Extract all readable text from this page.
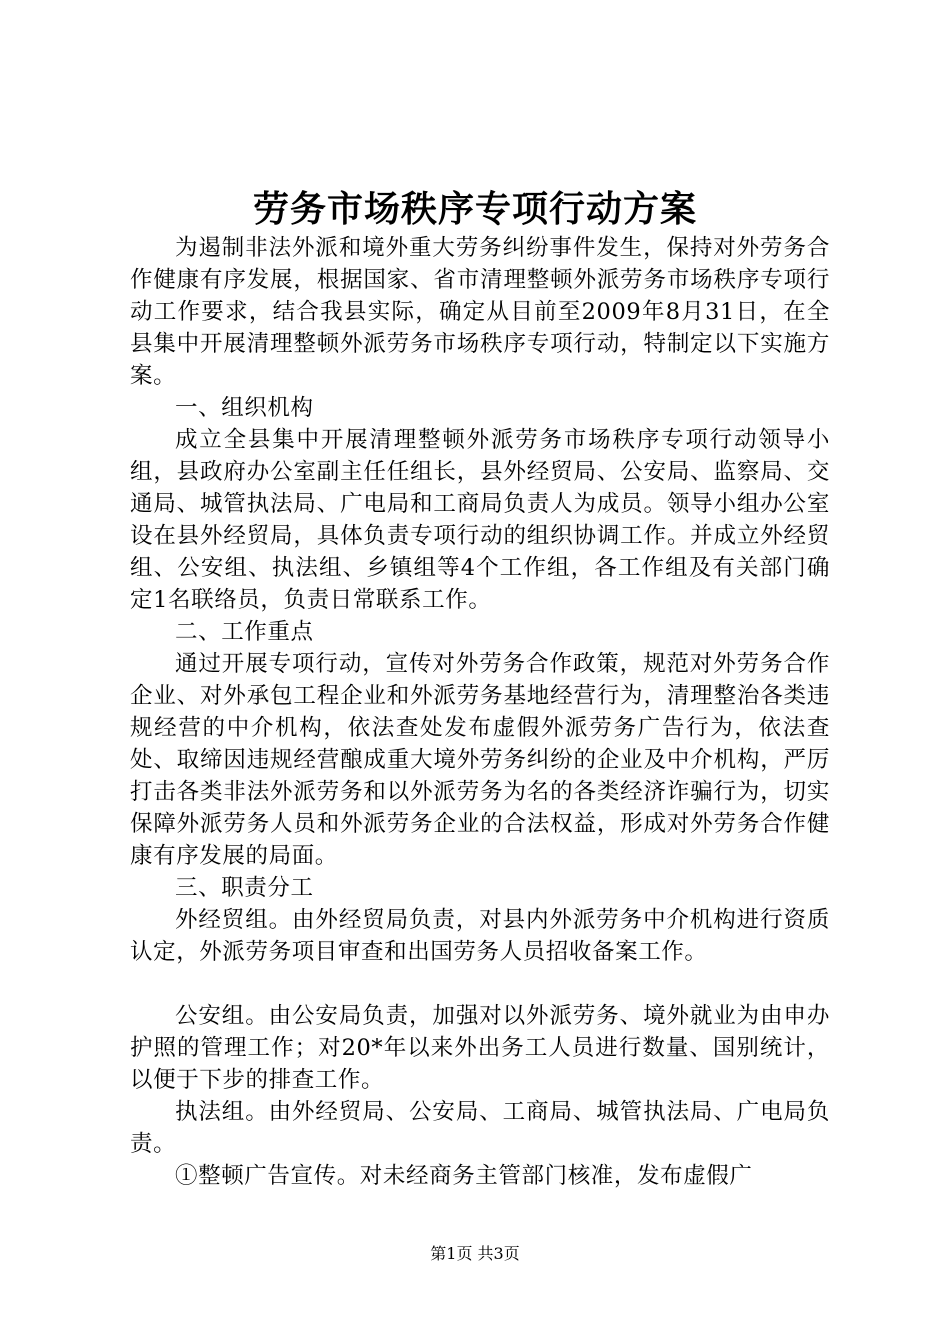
劳务市场秩序专项行动方案

为遏制非法外派和境外重大劳务纠纷事件发生，保持对外劳务合作健康有序发展，根据国家、省市清理整顿外派劳务市场秩序专项行动工作要求，结合我县实际，确定从目前至2009年8月31日，在全县集中开展清理整顿外派劳务市场秩序专项行动，特制定以下实施方案。

一、组织机构

成立全县集中开展清理整顿外派劳务市场秩序专项行动领导小组，县政府办公室副主任任组长，县外经贸局、公安局、监察局、交通局、城管执法局、广电局和工商局负责人为成员。领导小组办公室设在县外经贸局，具体负责专项行动的组织协调工作。并成立外经贸组、公安组、执法组、乡镇组等4个工作组，各工作组及有关部门确定1名联络员，负责日常联系工作。

二、工作重点

通过开展专项行动，宣传对外劳务合作政策，规范对外劳务合作企业、对外承包工程企业和外派劳务基地经营行为，清理整治各类违规经营的中介机构，依法查处发布虚假外派劳务广告行为，依法查处、取缔因违规经营酿成重大境外劳务纠纷的企业及中介机构，严厉打击各类非法外派劳务和以外派劳务为名的各类经济诈骗行为，切实保障外派劳务人员和外派劳务企业的合法权益，形成对外劳务合作健康有序发展的局面。

三、职责分工

外经贸组。由外经贸局负责，对县内外派劳务中介机构进行资质认定，外派劳务项目审查和出国劳务人员招收备案工作。

公安组。由公安局负责，加强对以外派劳务、境外就业为由申办护照的管理工作；对20*年以来外出务工人员进行数量、国别统计，以便于下步的排查工作。

执法组。由外经贸局、公安局、工商局、城管执法局、广电局负责。

①整顿广告宣传。对未经商务主管部门核准，发布虚假广

第1页 共3页
